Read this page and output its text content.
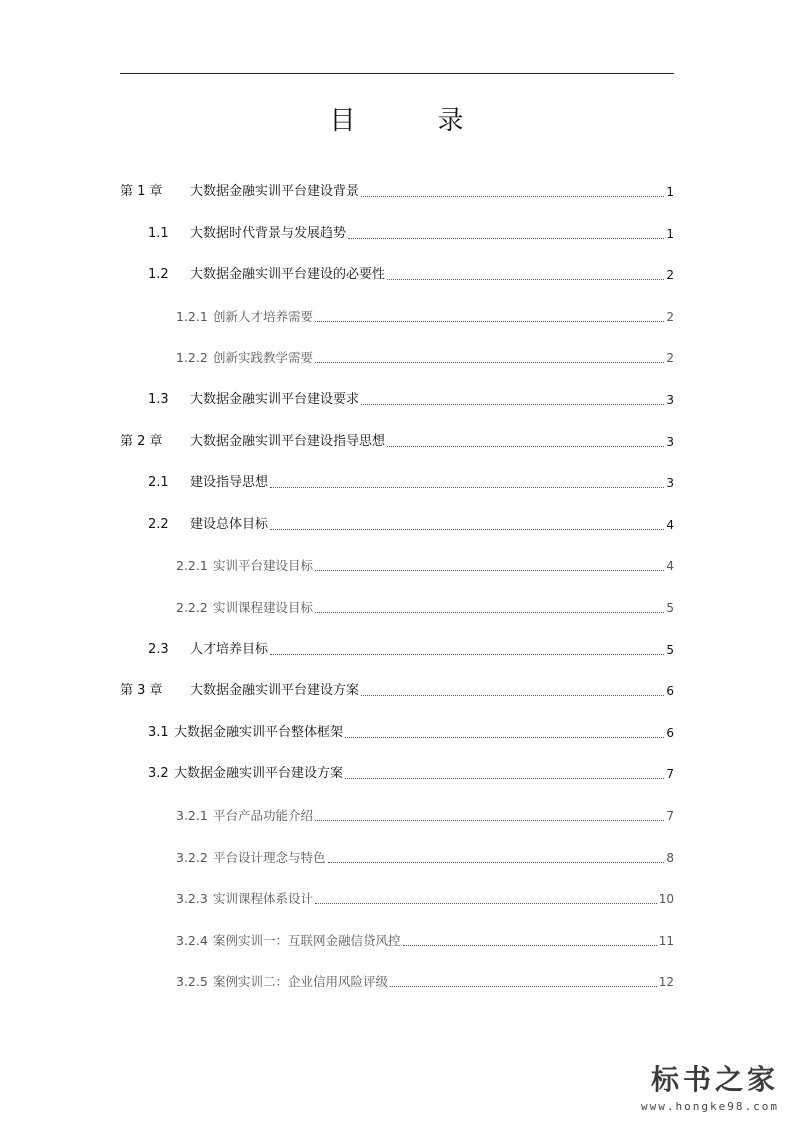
目　录
第 1 章	大数据金融实训平台建设背景	1
1.1	大数据时代背景与发展趋势	1
1.2	大数据金融实训平台建设的必要性	2
1.2.1 创新人才培养需要	2
1.2.2 创新实践教学需要	2
1.3	大数据金融实训平台建设要求	3
第 2 章	大数据金融实训平台建设指导思想	3
2.1	建设指导思想	3
2.2	建设总体目标	4
2.2.1 实训平台建设目标	4
2.2.2 实训课程建设目标	5
2.3	人才培养目标	5
第 3 章	大数据金融实训平台建设方案	6
3.1 大数据金融实训平台整体框架	6
3.2 大数据金融实训平台建设方案	7
3.2.1 平台产品功能介绍	7
3.2.2 平台设计理念与特色	8
3.2.3 实训课程体系设计	10
3.2.4 案例实训一：互联网金融信贷风控	11
3.2.5 案例实训二：企业信用风险评级	12
标书之家
www.hongke98.com
